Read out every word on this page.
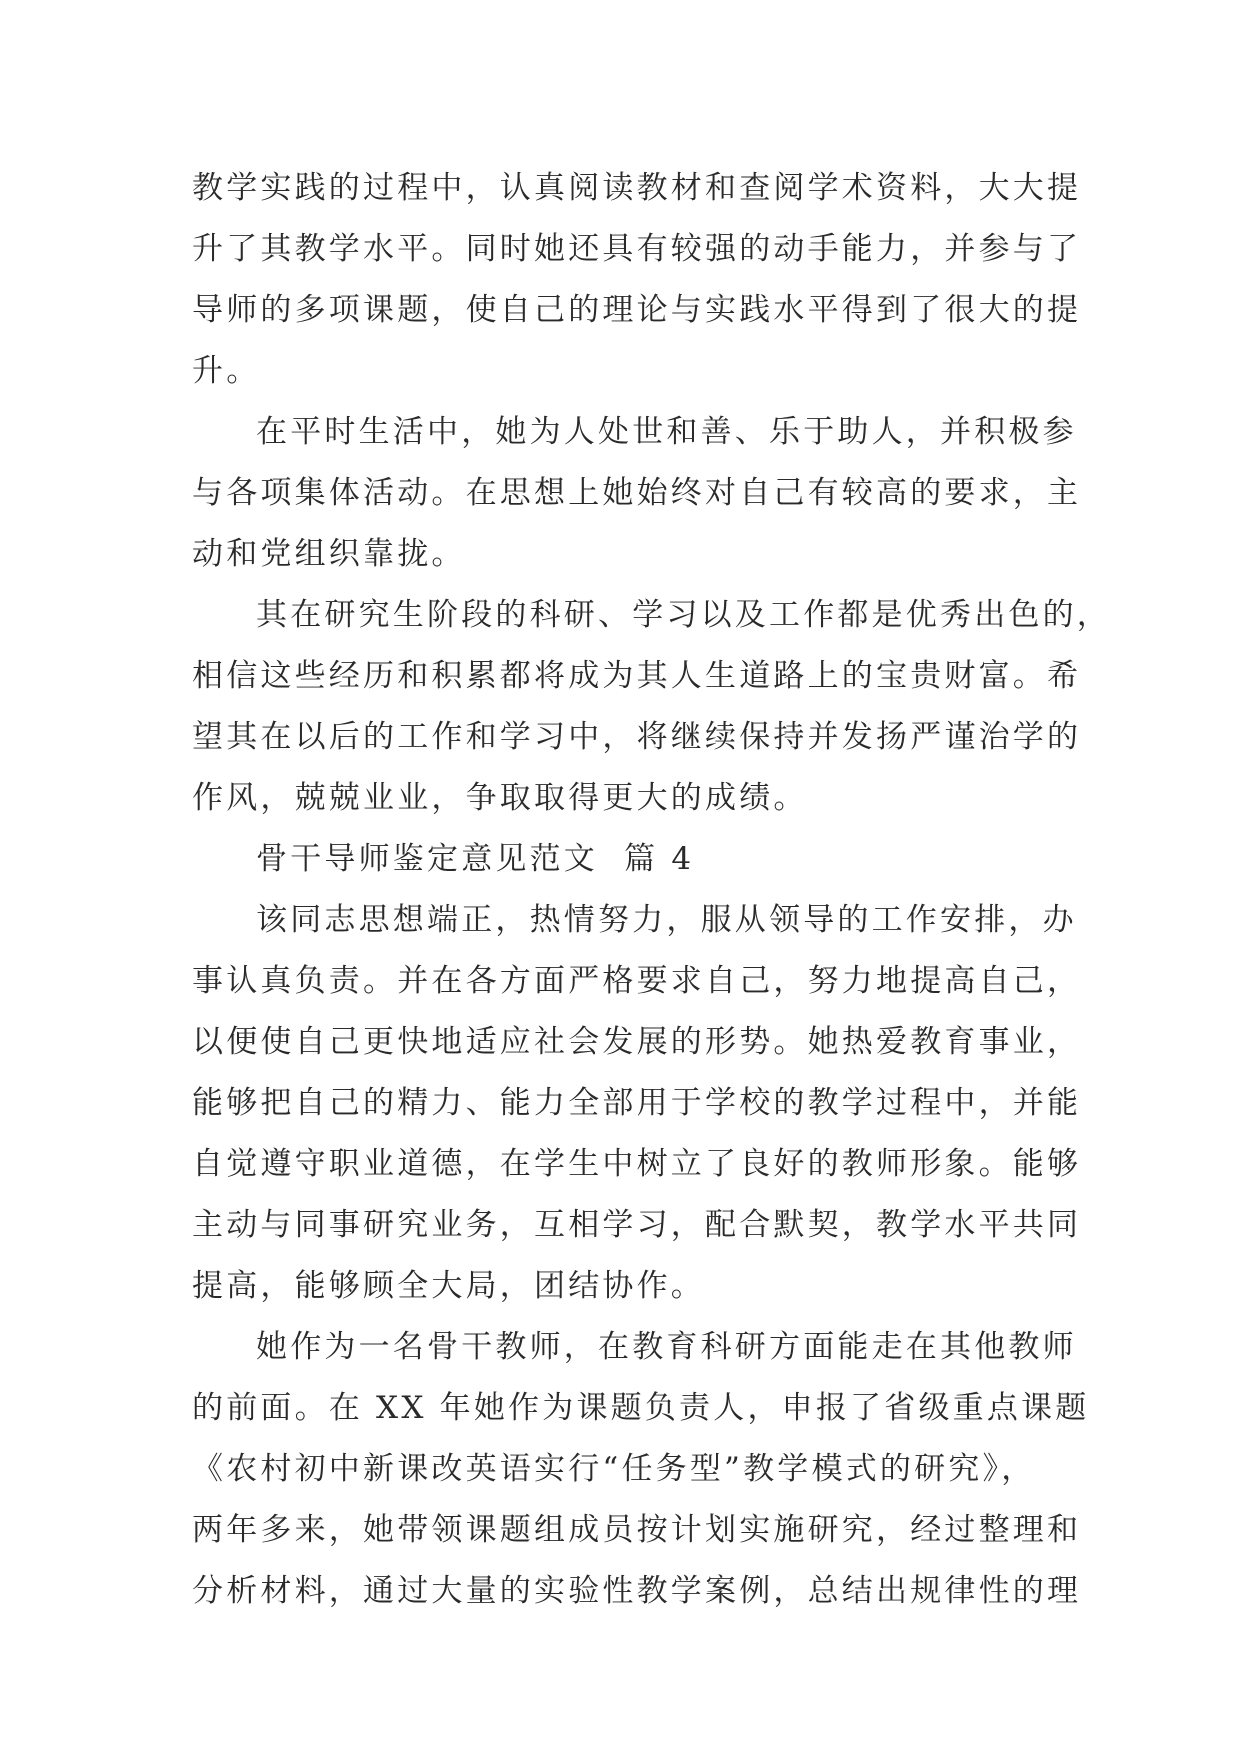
教学实践的过程中，认真阅读教材和查阅学术资料，大大提
升了其教学水平。同时她还具有较强的动手能力，并参与了
导师的多项课题，使自己的理论与实践水平得到了很大的提
升。
在平时生活中，她为人处世和善、乐于助人，并积极参
与各项集体活动。在思想上她始终对自己有较高的要求，主
动和党组织靠拢。
其在研究生阶段的科研、学习以及工作都是优秀出色的，
相信这些经历和积累都将成为其人生道路上的宝贵财富。希
望其在以后的工作和学习中，将继续保持并发扬严谨治学的
作风，兢兢业业，争取取得更大的成绩。
骨干导师鉴定意见范文  篇 4
该同志思想端正，热情努力，服从领导的工作安排，办
事认真负责。并在各方面严格要求自己，努力地提高自己，
以便使自己更快地适应社会发展的形势。她热爱教育事业，
能够把自己的精力、能力全部用于学校的教学过程中，并能
自觉遵守职业道德，在学生中树立了良好的教师形象。能够
主动与同事研究业务，互相学习，配合默契，教学水平共同
提高，能够顾全大局，团结协作。
她作为一名骨干教师，在教育科研方面能走在其他教师
的前面。在 XX 年她作为课题负责人，申报了省级重点课题
《农村初中新课改英语实行“任务型”教学模式的研究》，
两年多来，她带领课题组成员按计划实施研究，经过整理和
分析材料，通过大量的实验性教学案例，总结出规律性的理
